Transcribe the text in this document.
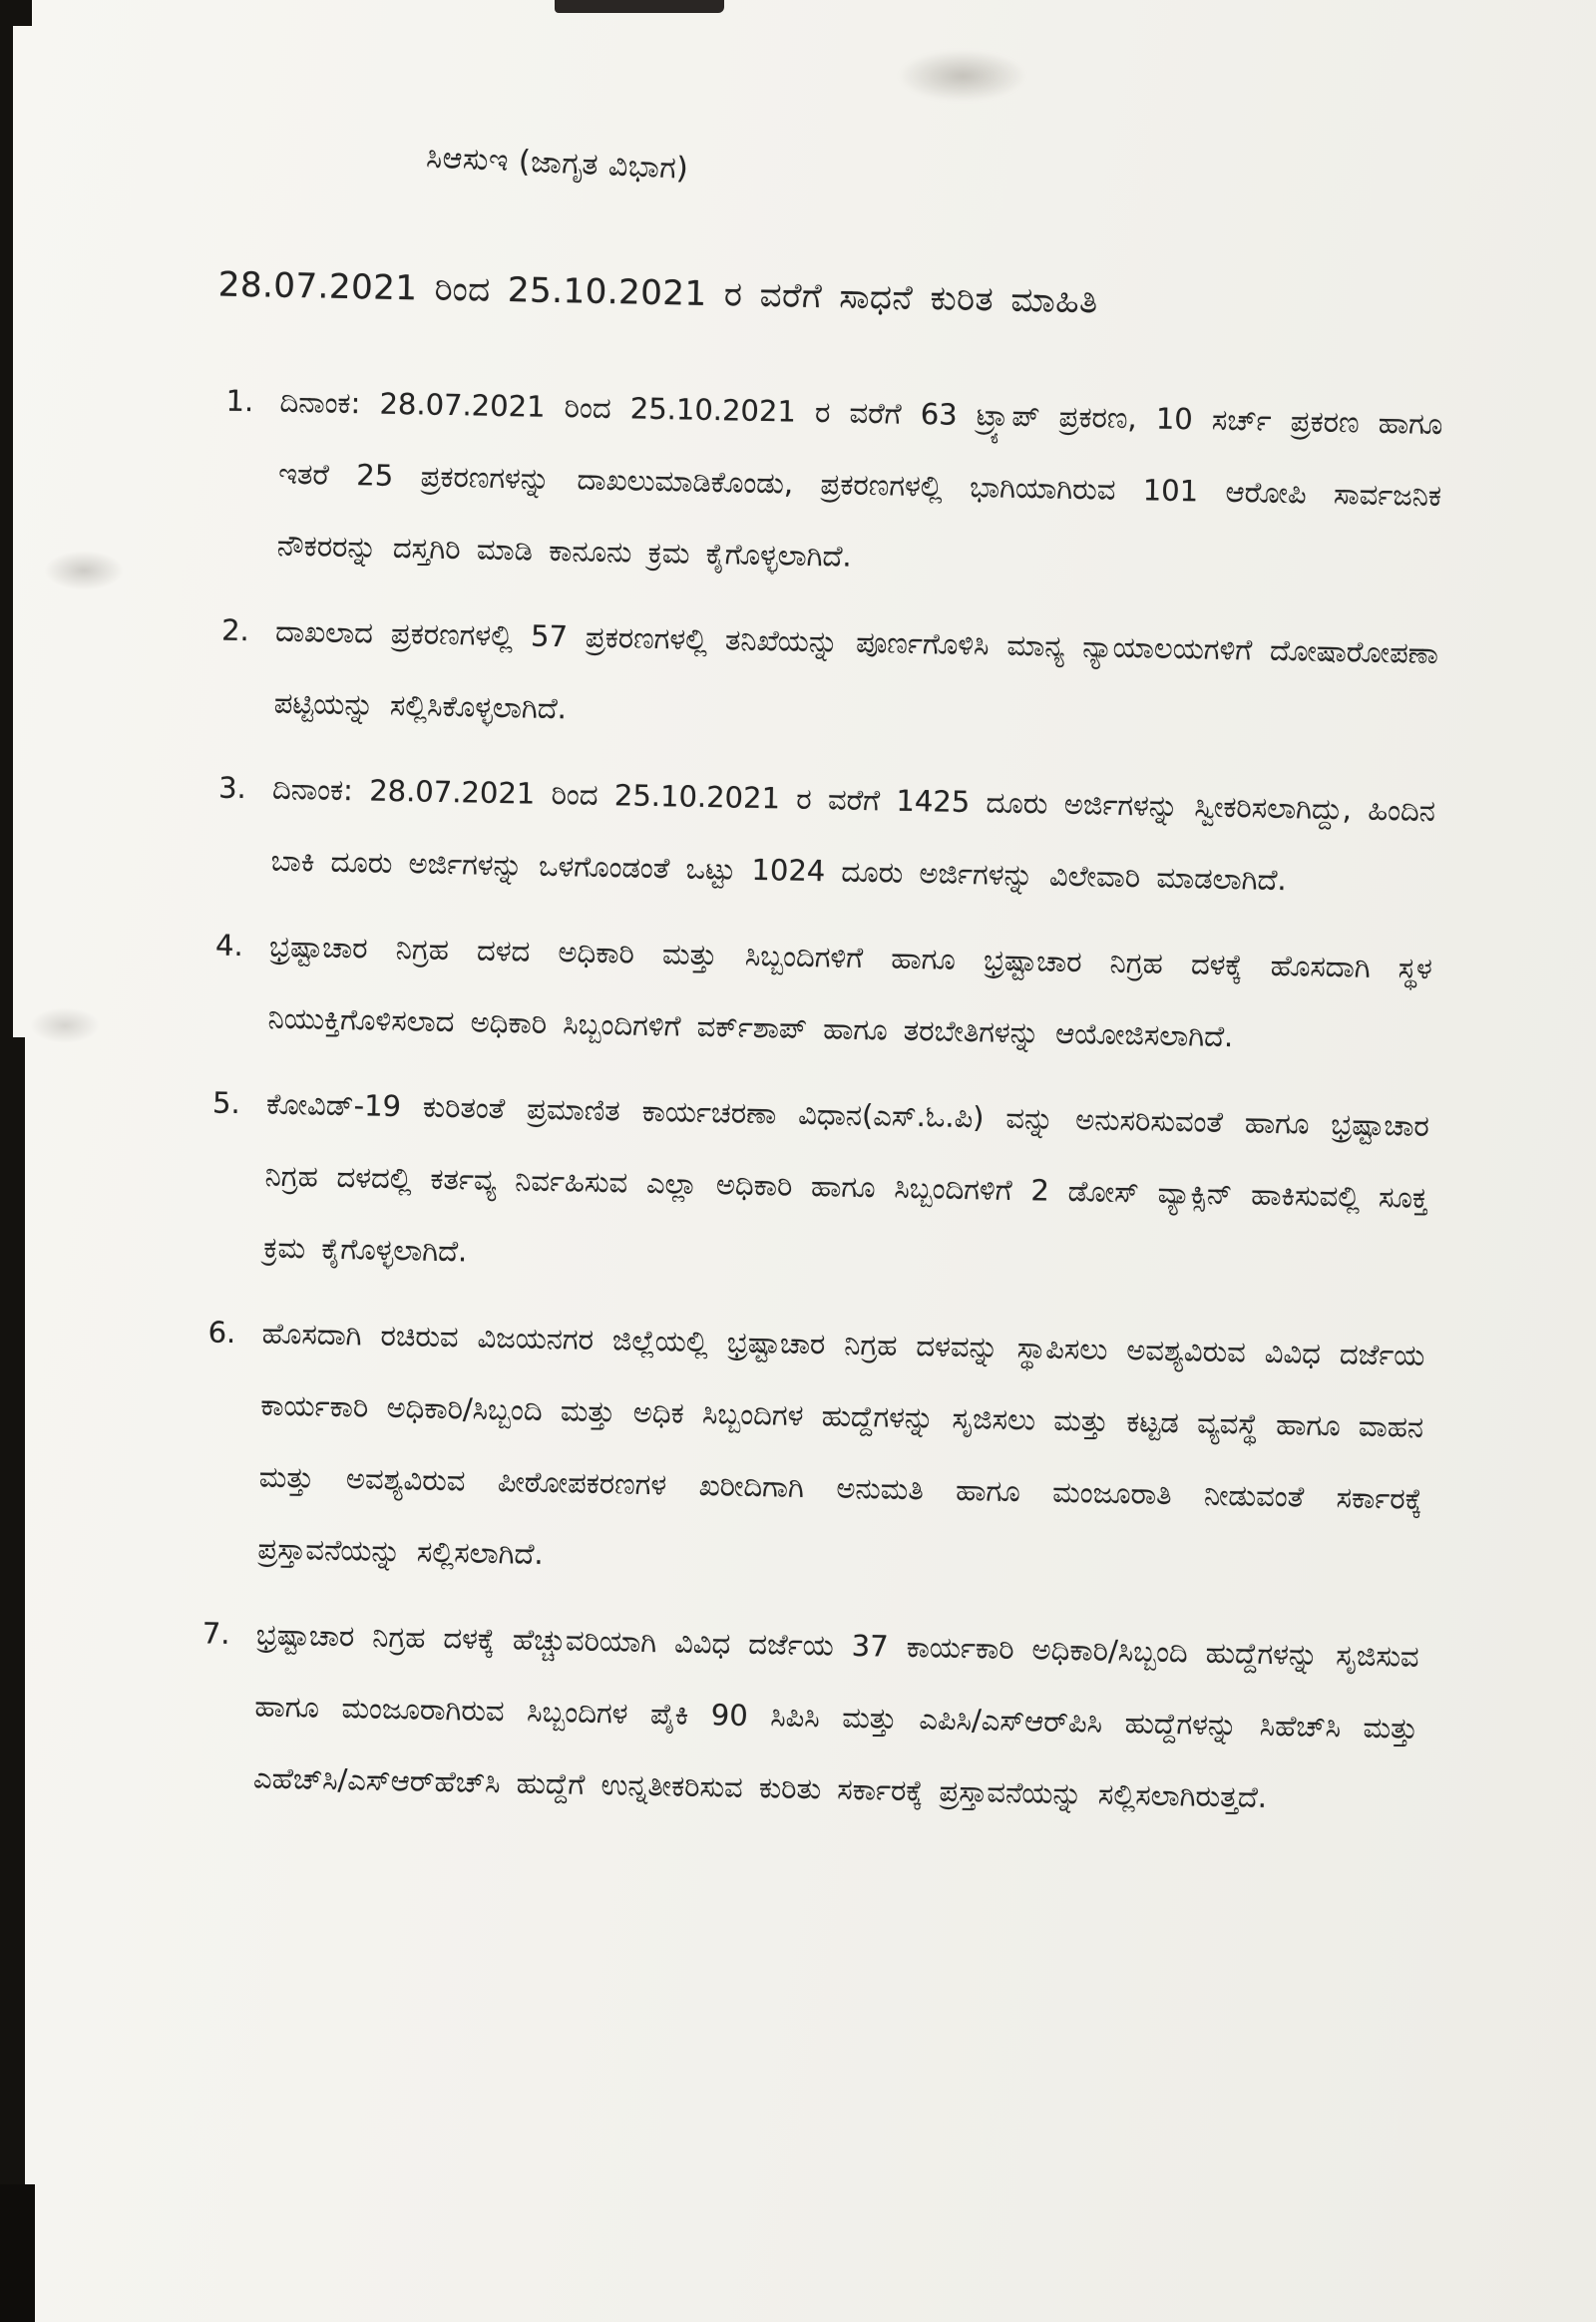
ಸಿಆಸುಇ (ಜಾಗೃತ ವಿಭಾಗ)
28.07.2021 ರಿಂದ 25.10.2021 ರ ವರೆಗೆ ಸಾಧನೆ ಕುರಿತ ಮಾಹಿತಿ
1. ದಿನಾಂಕ: 28.07.2021 ರಿಂದ 25.10.2021 ರ ವರೆಗೆ 63 ಟ್ರ್ಯಾಪ್ ಪ್ರಕರಣ, 10 ಸರ್ಚ್ ಪ್ರಕರಣ ಹಾಗೂ ಇತರೆ 25 ಪ್ರಕರಣಗಳನ್ನು ದಾಖಲುಮಾಡಿಕೊಂಡು, ಪ್ರಕರಣಗಳಲ್ಲಿ ಭಾಗಿಯಾಗಿರುವ 101 ಆರೋಪಿ ಸಾರ್ವಜನಿಕ ನೌಕರರನ್ನು ದಸ್ತಗಿರಿ ಮಾಡಿ ಕಾನೂನು ಕ್ರಮ ಕೈಗೊಳ್ಳಲಾಗಿದೆ.
2. ದಾಖಲಾದ ಪ್ರಕರಣಗಳಲ್ಲಿ 57 ಪ್ರಕರಣಗಳಲ್ಲಿ ತನಿಖೆಯನ್ನು ಪೂರ್ಣಗೊಳಿಸಿ ಮಾನ್ಯ ನ್ಯಾಯಾಲಯಗಳಿಗೆ ದೋಷಾರೋಪಣಾ ಪಟ್ಟಿಯನ್ನು ಸಲ್ಲಿಸಿಕೊಳ್ಳಲಾಗಿದೆ.
3. ದಿನಾಂಕ: 28.07.2021 ರಿಂದ 25.10.2021 ರ ವರೆಗೆ 1425 ದೂರು ಅರ್ಜಿಗಳನ್ನು ಸ್ವೀಕರಿಸಲಾಗಿದ್ದು, ಹಿಂದಿನ ಬಾಕಿ ದೂರು ಅರ್ಜಿಗಳನ್ನು ಒಳಗೊಂಡಂತೆ ಒಟ್ಟು 1024 ದೂರು ಅರ್ಜಿಗಳನ್ನು ವಿಲೇವಾರಿ ಮಾಡಲಾಗಿದೆ.
4. ಭ್ರಷ್ಟಾಚಾರ ನಿಗ್ರಹ ದಳದ ಅಧಿಕಾರಿ ಮತ್ತು ಸಿಬ್ಬಂದಿಗಳಿಗೆ ಹಾಗೂ ಭ್ರಷ್ಟಾಚಾರ ನಿಗ್ರಹ ದಳಕ್ಕೆ ಹೊಸದಾಗಿ ಸ್ಥಳ ನಿಯುಕ್ತಿಗೊಳಿಸಲಾದ ಅಧಿಕಾರಿ ಸಿಬ್ಬಂದಿಗಳಿಗೆ ವರ್ಕ್‌ಶಾಪ್ ಹಾಗೂ ತರಬೇತಿಗಳನ್ನು ಆಯೋಜಿಸಲಾಗಿದೆ.
5. ಕೋವಿಡ್-19 ಕುರಿತಂತೆ ಪ್ರಮಾಣಿತ ಕಾರ್ಯಚರಣಾ ವಿಧಾನ(ಎಸ್.ಓ.ಪಿ) ವನ್ನು ಅನುಸರಿಸುವಂತೆ ಹಾಗೂ ಭ್ರಷ್ಟಾಚಾರ ನಿಗ್ರಹ ದಳದಲ್ಲಿ ಕರ್ತವ್ಯ ನಿರ್ವಹಿಸುವ ಎಲ್ಲಾ ಅಧಿಕಾರಿ ಹಾಗೂ ಸಿಬ್ಬಂದಿಗಳಿಗೆ 2 ಡೋಸ್ ವ್ಯಾಕ್ಸಿನ್ ಹಾಕಿಸುವಲ್ಲಿ ಸೂಕ್ತ ಕ್ರಮ ಕೈಗೊಳ್ಳಲಾಗಿದೆ.
6. ಹೊಸದಾಗಿ ರಚಿರುವ ವಿಜಯನಗರ ಜಿಲ್ಲೆಯಲ್ಲಿ ಭ್ರಷ್ಟಾಚಾರ ನಿಗ್ರಹ ದಳವನ್ನು ಸ್ಥಾಪಿಸಲು ಅವಶ್ಯವಿರುವ ವಿವಿಧ ದರ್ಜೆಯ ಕಾರ್ಯಕಾರಿ ಅಧಿಕಾರಿ/ಸಿಬ್ಬಂದಿ ಮತ್ತು ಅಧಿಕ ಸಿಬ್ಬಂದಿಗಳ ಹುದ್ದೆಗಳನ್ನು ಸೃಜಿಸಲು ಮತ್ತು ಕಟ್ಟಡ ವ್ಯವಸ್ಥೆ ಹಾಗೂ ವಾಹನ ಮತ್ತು ಅವಶ್ಯವಿರುವ ಪೀಠೋಪಕರಣಗಳ ಖರೀದಿಗಾಗಿ ಅನುಮತಿ ಹಾಗೂ ಮಂಜೂರಾತಿ ನೀಡುವಂತೆ ಸರ್ಕಾರಕ್ಕೆ ಪ್ರಸ್ತಾವನೆಯನ್ನು ಸಲ್ಲಿಸಲಾಗಿದೆ.
7. ಭ್ರಷ್ಟಾಚಾರ ನಿಗ್ರಹ ದಳಕ್ಕೆ ಹೆಚ್ಚುವರಿಯಾಗಿ ವಿವಿಧ ದರ್ಜೆಯ 37 ಕಾರ್ಯಕಾರಿ ಅಧಿಕಾರಿ/ಸಿಬ್ಬಂದಿ ಹುದ್ದೆಗಳನ್ನು ಸೃಜಿಸುವ ಹಾಗೂ ಮಂಜೂರಾಗಿರುವ ಸಿಬ್ಬಂದಿಗಳ ಪೈಕಿ 90 ಸಿಪಿಸಿ ಮತ್ತು ಎಪಿಸಿ/ಎಸ್‌ಆರ್‌ಪಿಸಿ ಹುದ್ದೆಗಳನ್ನು ಸಿಹೆಚ್‌ಸಿ ಮತ್ತು ಎಹೆಚ್‌ಸಿ/ಎಸ್‌ಆರ್‌ಹೆಚ್‌ಸಿ ಹುದ್ದೆಗೆ ಉನ್ನತೀಕರಿಸುವ ಕುರಿತು ಸರ್ಕಾರಕ್ಕೆ ಪ್ರಸ್ತಾವನೆಯನ್ನು ಸಲ್ಲಿಸಲಾಗಿರುತ್ತದೆ.
